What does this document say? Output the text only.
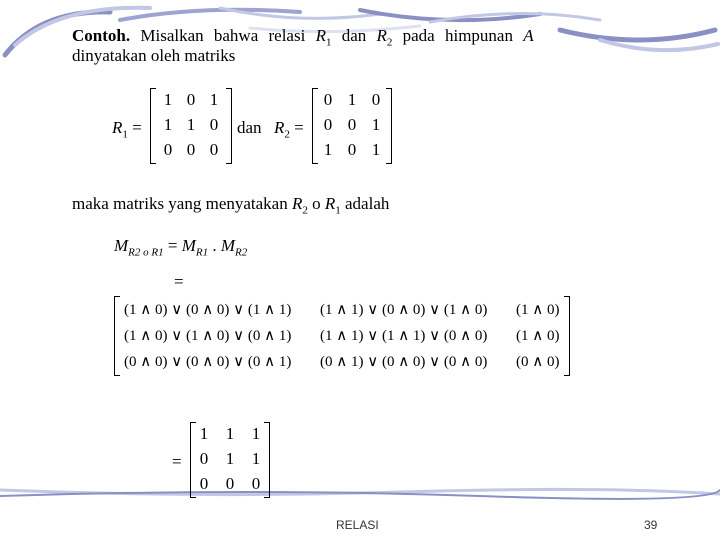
Contoh. Misalkan bahwa relasi $R_1$ dan $R_2$ pada himpunan A
dinyatakan oleh matriks
$R_1$ =
1 0 1
1 1 0
0 0 0
dan $R_2$ =
0 1 0
0 0 1
1 0 1
maka matriks yang menyatakan $R_2$ o $R_1$ adalah
$M_{R2 o R1} = M_{R1}$ . $M_{R2}$
=
(1 ∧ 0) ∨ (0 ∧ 0) ∨ (1 ∧ 1) (1 ∧ 1) ∨ (0 ∧ 0) ∨ (1 ∧ 0) (1 ∧ 0)
(1 ∧ 0) ∨ (1 ∧ 0) ∨ (0 ∧ 1) (1 ∧ 1) ∨ (1 ∧ 1) ∨ (0 ∧ 0) (1 ∧ 0)
(0 ∧ 0) ∨ (0 ∧ 0) ∨ (0 ∧ 1) (0 ∧ 1) ∨ (0 ∧ 0) ∨ (0 ∧ 0) (0 ∧ 0)
=
1	1	1
0	1	1
0	0	0
RELASI	39
